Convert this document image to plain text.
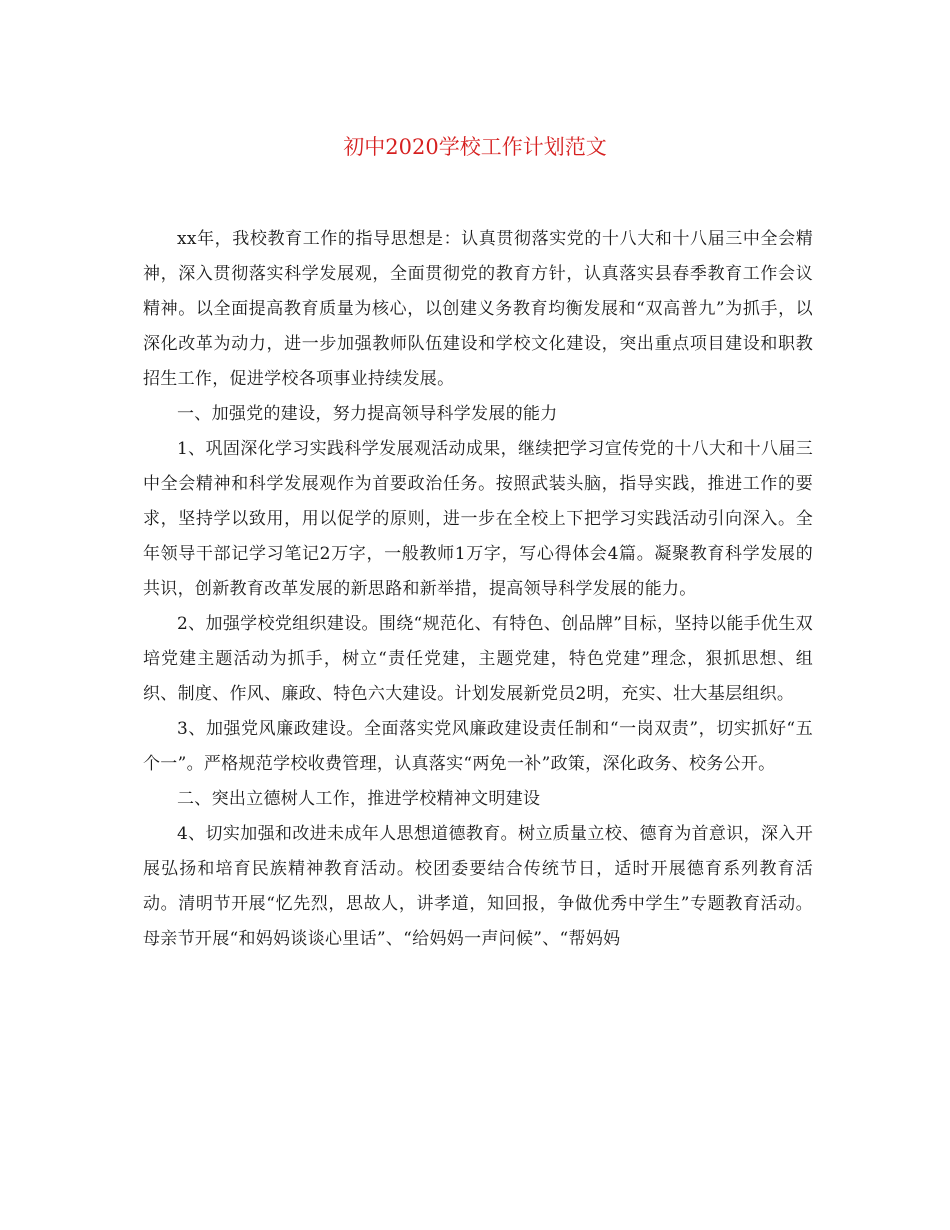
初中2020学校工作计划范文

xx年，我校教育工作的指导思想是：认真贯彻落实党的十八大和十八届三中全会精神，深入贯彻落实科学发展观，全面贯彻党的教育方针，认真落实县春季教育工作会议精神。以全面提高教育质量为核心，以创建义务教育均衡发展和“双高普九”为抓手，以深化改革为动力，进一步加强教师队伍建设和学校文化建设，突出重点项目建设和职教招生工作，促进学校各项事业持续发展。

一、加强党的建设，努力提高领导科学发展的能力

1、巩固深化学习实践科学发展观活动成果，继续把学习宣传党的十八大和十八届三中全会精神和科学发展观作为首要政治任务。按照武装头脑，指导实践，推进工作的要求，坚持学以致用，用以促学的原则，进一步在全校上下把学习实践活动引向深入。全年领导干部记学习笔记2万字，一般教师1万字，写心得体会4篇。凝聚教育科学发展的共识，创新教育改革发展的新思路和新举措，提高领导科学发展的能力。

2、加强学校党组织建设。围绕“规范化、有特色、创品牌”目标，坚持以能手优生双培党建主题活动为抓手，树立“责任党建，主题党建，特色党建”理念，狠抓思想、组织、制度、作风、廉政、特色六大建设。计划发展新党员2明，充实、壮大基层组织。

3、加强党风廉政建设。全面落实党风廉政建设责任制和“一岗双责”，切实抓好“五个一”。严格规范学校收费管理，认真落实“两免一补”政策，深化政务、校务公开。

二、突出立德树人工作，推进学校精神文明建设

4、切实加强和改进未成年人思想道德教育。树立质量立校、德育为首意识，深入开展弘扬和培育民族精神教育活动。校团委要结合传统节日，适时开展德育系列教育活动。清明节开展“忆先烈，思故人，讲孝道，知回报，争做优秀中学生”专题教育活动。母亲节开展“和妈妈谈谈心里话”、“给妈妈一声问候”、“帮妈妈
